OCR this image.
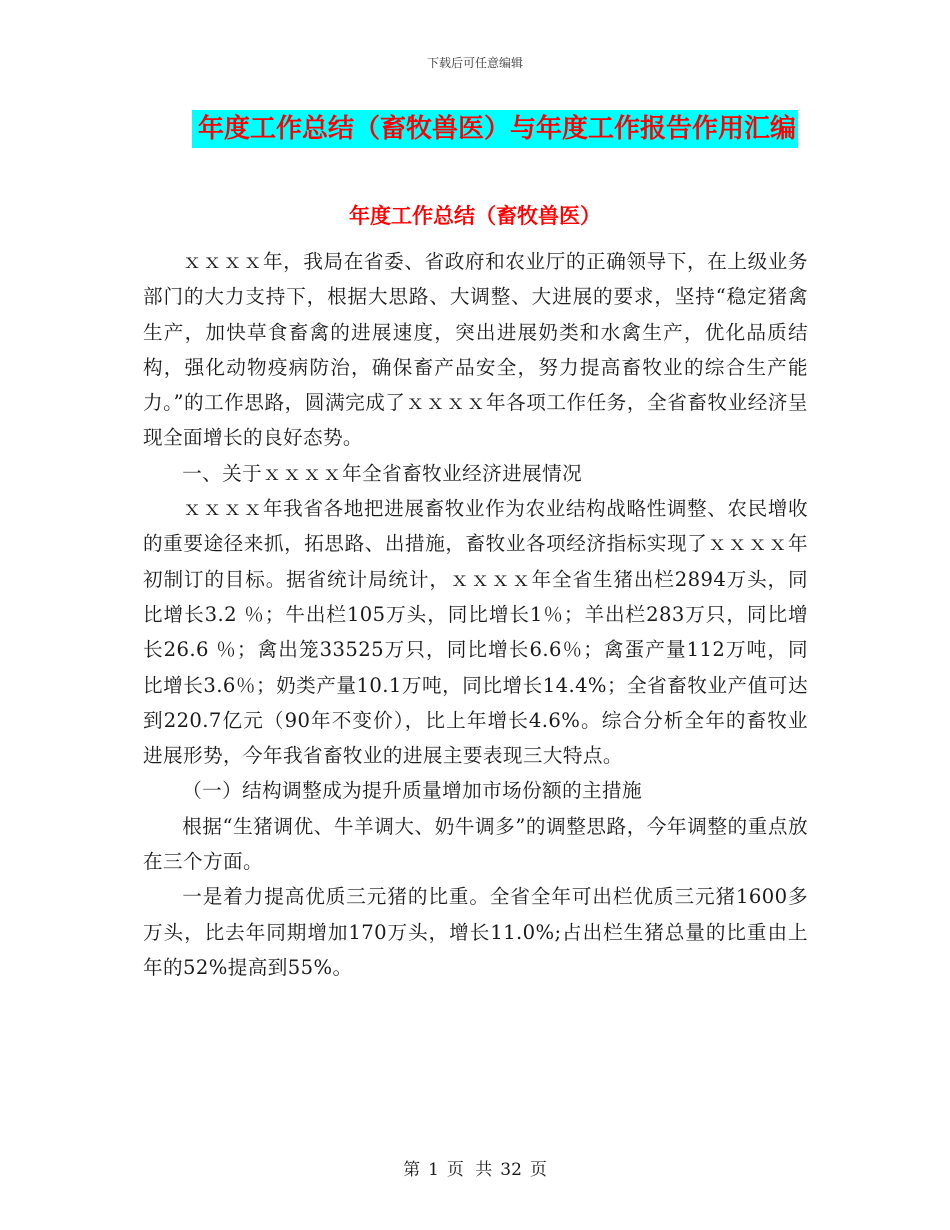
下载后可任意编辑
年度工作总结（畜牧兽医）与年度工作报告作用汇编
年度工作总结（畜牧兽医）

ｘｘｘｘ年，我局在省委、省政府和农业厅的正确领导下，在上级业务部门的大力支持下，根据大思路、大调整、大进展的要求，坚持“稳定猪禽生产，加快草食畜禽的进展速度，突出进展奶类和水禽生产，优化品质结构，强化动物疫病防治，确保畜产品安全，努力提高畜牧业的综合生产能力。”的工作思路，圆满完成了ｘｘｘｘ年各项工作任务，全省畜牧业经济呈现全面增长的良好态势。

一、关于ｘｘｘｘ年全省畜牧业经济进展情况

ｘｘｘｘ年我省各地把进展畜牧业作为农业结构战略性调整、农民增收的重要途径来抓，拓思路、出措施，畜牧业各项经济指标实现了ｘｘｘｘ年初制订的目标。据省统计局统计，ｘｘｘｘ年全省生猪出栏2894万头，同比增长3.2 ％；牛出栏105万头，同比增长1％；羊出栏283万只，同比增长26.6 ％；禽出笼33525万只，同比增长6.6％；禽蛋产量112万吨，同比增长3.6％；奶类产量10.1万吨，同比增长14.4%；全省畜牧业产值可达到220.7亿元（90年不变价），比上年增长4.6%。综合分析全年的畜牧业进展形势，今年我省畜牧业的进展主要表现三大特点。

（一）结构调整成为提升质量增加市场份额的主措施

根据“生猪调优、牛羊调大、奶牛调多”的调整思路，今年调整的重点放在三个方面。

一是着力提高优质三元猪的比重。全省全年可出栏优质三元猪1600多万头，比去年同期增加170万头，增长11.0%;占出栏生猪总量的比重由上年的52%提高到55%。

第 1 页 共 32 页
